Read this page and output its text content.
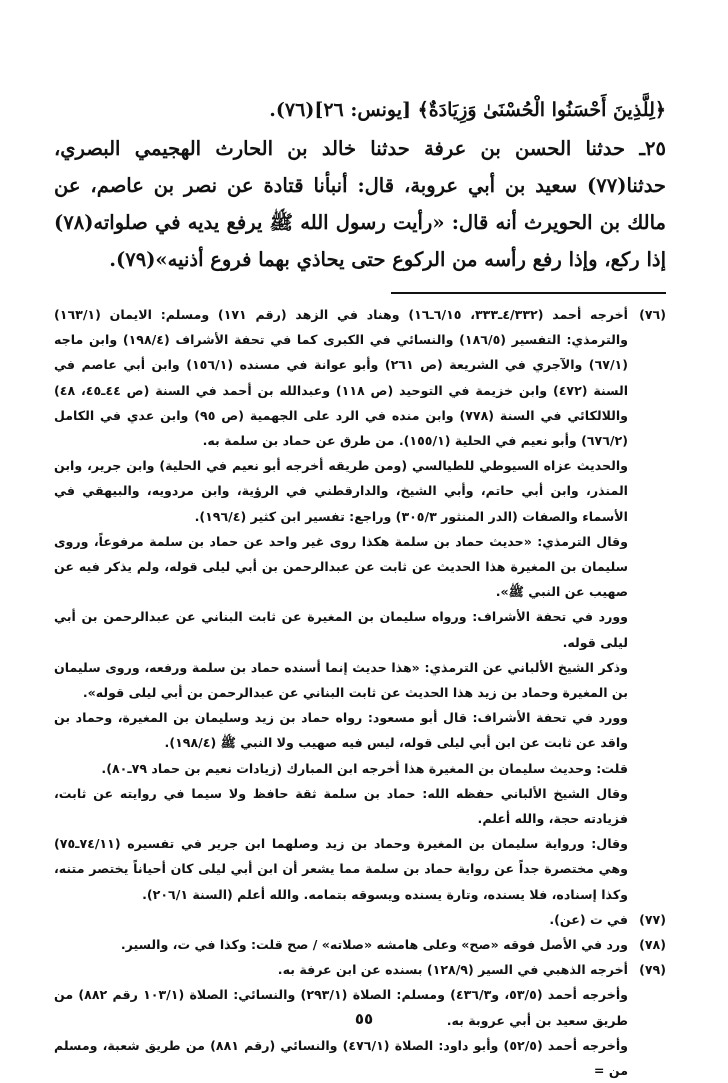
﴿لِلَّذِينَ أَحْسَنُوا الْحُسْنَىٰ وَزِيَادَةٌ﴾ [يونس: ٢٦](٧٦).

٢٥ـ حدثنا الحسن بن عرفة حدثنا خالد بن الحارث الهجيمي البصري، حدثنا(٧٧) سعيد بن أبي عروبة، قال: أنبأنا قتادة عن نصر بن عاصم، عن مالك بن الحويرث أنه قال: «رأيت رسول الله ﷺ يرفع يديه في صلواته(٧٨) إذا ركع، وإذا رفع رأسه من الركوع حتى يحاذي بهما فروع أذنيه»(٧٩).

(٧٦)

أخرجه أحمد (٤/٣٣٢ـ٣٣٣، ٦/١٥ـ١٦) وهناد في الزهد (رقم ١٧١) ومسلم: الايمان (١٦٣/١) والترمذي: التفسير (١٨٦/٥) والنسائي في الكبرى كما في تحفة الأشراف (١٩٨/٤) وابن ماجه (٦٧/١) والآجري في الشريعة (ص ٢٦١) وأبو عوانة في مسنده (١٥٦/١) وابن أبي عاصم في السنة (٤٧٢) وابن خزيمة في التوحيد (ص ١١٨) وعبدالله بن أحمد في السنة (ص ٤٤ـ٤٥، ٤٨) واللالكائي في السنة (٧٧٨) وابن منده في الرد على الجهمية (ص ٩٥) وابن عدي في الكامل (٦٧٦/٢) وأبو نعيم في الحلية (١٥٥/١). من طرق عن حماد بن سلمة به.

والحديث عزاه السيوطي للطيالسي (ومن طريقه أخرجه أبو نعيم في الحلية) وابن جرير، وابن المنذر، وابن أبي حاتم، وأبي الشيخ، والدارقطني في الرؤية، وابن مردويه، والبيهقي في الأسماء والصفات (الدر المنثور ٣٠٥/٣) وراجع: تفسير ابن كثير (١٩٦/٤).

وقال الترمذي: «حديث حماد بن سلمة هكذا روى غير واحد عن حماد بن سلمة مرفوعاً، وروى سليمان بن المغيرة هذا الحديث عن ثابت عن عبدالرحمن بن أبي ليلى قوله، ولم يذكر فيه عن صهيب عن النبي ﷺ».

وورد في تحفة الأشراف: ورواه سليمان بن المغيرة عن ثابت البناني عن عبدالرحمن بن أبي ليلى قوله.

وذكر الشيخ الألباني عن الترمذي: «هذا حديث إنما أسنده حماد بن سلمة ورفعه، وروى سليمان بن المغيرة وحماد بن زيد هذا الحديث عن ثابت البناني عن عبدالرحمن بن أبي ليلى قوله».

وورد في تحفة الأشراف: قال أبو مسعود: رواه حماد بن زيد وسليمان بن المغيرة، وحماد بن واقد عن ثابت عن ابن أبي ليلى قوله، ليس فيه صهيب ولا النبي ﷺ (١٩٨/٤).

قلت: وحديث سليمان بن المغيرة هذا أخرجه ابن المبارك (زيادات نعيم بن حماد ٧٩ـ٨٠).

وقال الشيخ الألباني حفظه الله: حماد بن سلمة ثقة حافظ ولا سيما في روايته عن ثابت، فزيادته حجة، والله أعلم.

وقال: ورواية سليمان بن المغيرة وحماد بن زيد وصلهما ابن جرير في تفسيره (٧٤/١١ـ٧٥) وهي مختصرة جداً عن رواية حماد بن سلمة مما يشعر أن ابن أبي ليلى كان أحياناً يختصر متنه، وكذا إسناده، فلا يسنده، وتارة يسنده ويسوقه بتمامه. والله أعلم (السنة ٢٠٦/١).

(٧٧)

في ت (عن).

(٧٨)

ورد في الأصل فوقه «صح» وعلى هامشه «صلاته» / صح قلت: وكذا في ت، والسير.

(٧٩)

أخرجه الذهبي في السير (١٢٨/٩) بسنده عن ابن عرفة به.

وأخرجه أحمد (٥٣/٥، و٤٣٦/٣) ومسلم: الصلاة (٢٩٣/١) والنسائي: الصلاة (١٠٣/١ رقم ٨٨٢) من طريق سعيد بن أبي عروبة به.

وأخرجه أحمد (٥٢/٥) وأبو داود: الصلاة (٤٧٦/١) والنسائي (رقم ٨٨١) من طريق شعبة، ومسلم من =

٥٥
